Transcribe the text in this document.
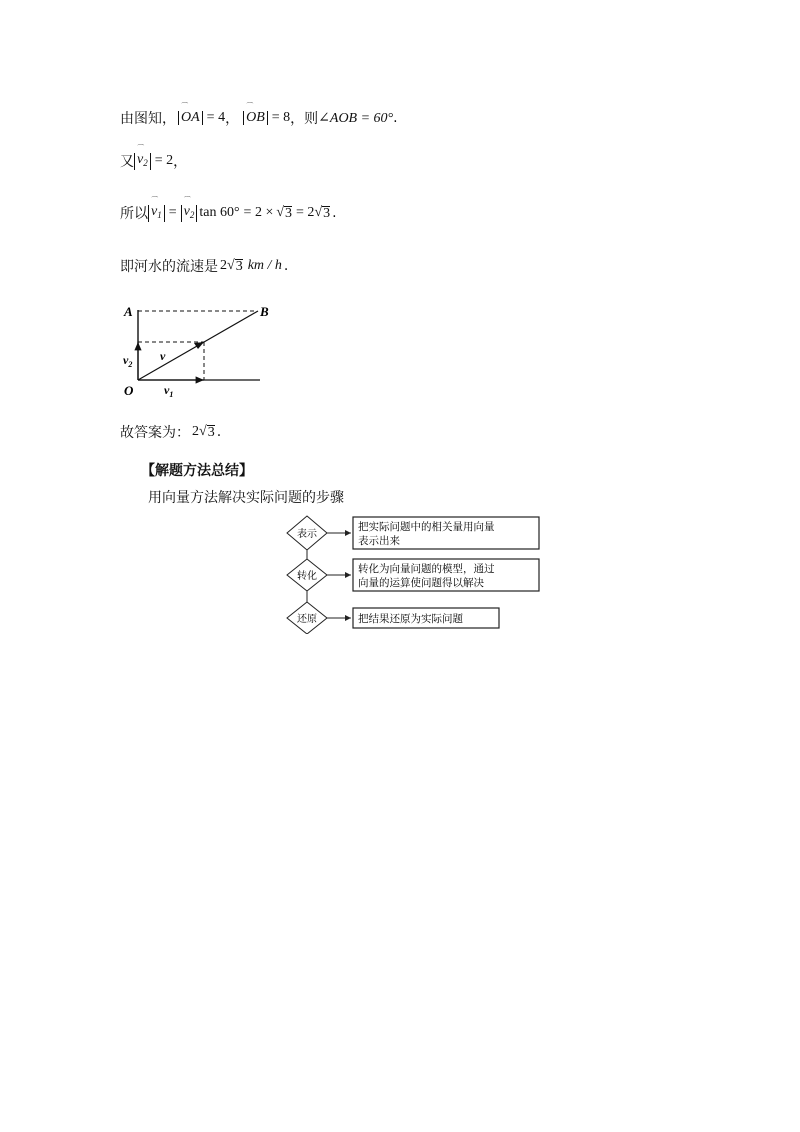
由图知，
⌒
OA = 4 ，
⌒
OB = 8 ，则 ∠AOB = 60° .
又
⌒
$v_2 = 2$ ，
所以
⌒
$v_1$ =
⌒
$v_2$ tan 60° = 2 × √ 3 = 2 √ 3 .
即河水的流速是 2 √ 3 km / h .
A	B
O
v
$v_2$
$v_1$
故答案为： 2 √ 3 .
【解题方法总结】
用向量方法解决实际问题的步骤
表示
把实际问题中的相关量用向量
表示出来
转化
转化为向量问题的模型，通过
向量的运算使问题得以解决
还原	把结果还原为实际问题
